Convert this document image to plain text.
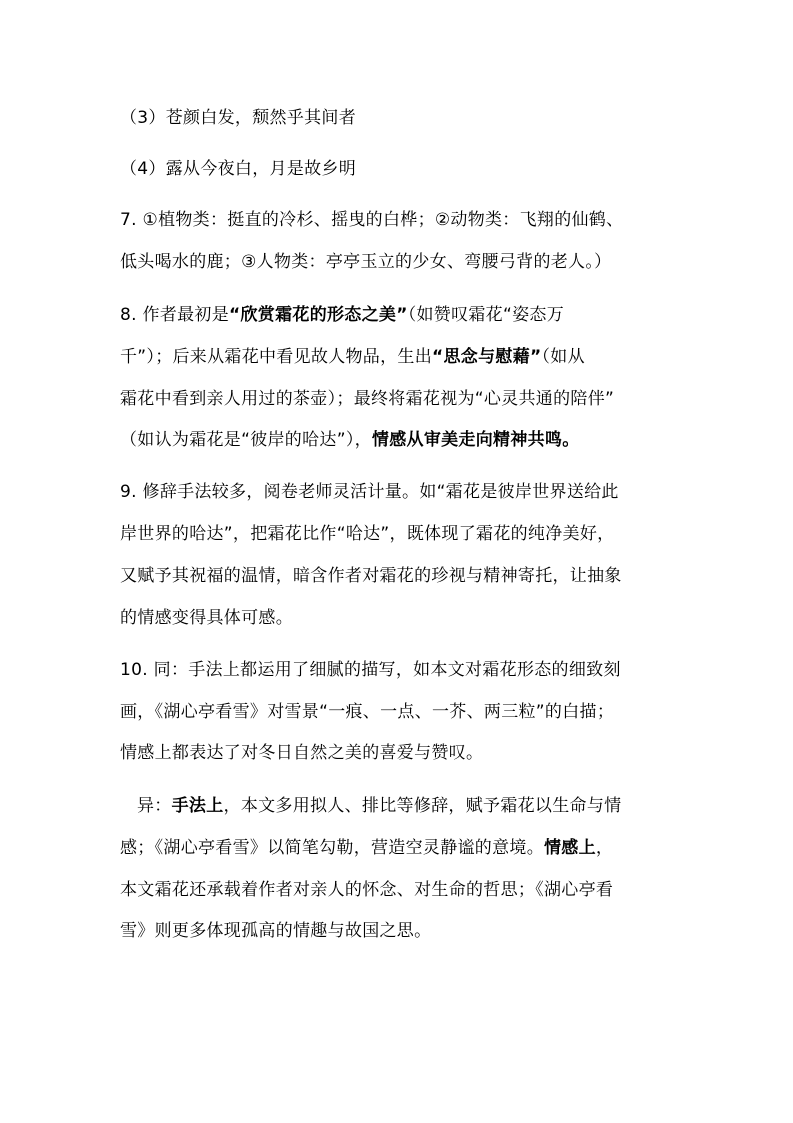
（3）苍颜白发，颓然乎其间者
（4）露从今夜白，月是故乡明
7. ①植物类：挺直的冷杉、摇曳的白桦；②动物类：飞翔的仙鹤、
低头喝水的鹿；③人物类：亭亭玉立的少女、弯腰弓背的老人。）
8. 作者最初是“欣赏霜花的形态之美”（如赞叹霜花“姿态万
千”）；后来从霜花中看见故人物品，生出“思念与慰藉”（如从
霜花中看到亲人用过的茶壶）；最终将霜花视为“心灵共通的陪伴”
（如认为霜花是“彼岸的哈达”），情感从审美走向精神共鸣。
9. 修辞手法较多，阅卷老师灵活计量。如“霜花是彼岸世界送给此
岸世界的哈达”，把霜花比作“哈达”，既体现了霜花的纯净美好，
又赋予其祝福的温情，暗含作者对霜花的珍视与精神寄托，让抽象
的情感变得具体可感。
10. 同：手法上都运用了细腻的描写，如本文对霜花形态的细致刻
画，《湖心亭看雪》对雪景“一痕、一点、一芥、两三粒”的白描；
情感上都表达了对冬日自然之美的喜爱与赞叹。
异：手法上，本文多用拟人、排比等修辞，赋予霜花以生命与情
感；《湖心亭看雪》以简笔勾勒，营造空灵静谧的意境。情感上，
本文霜花还承载着作者对亲人的怀念、对生命的哲思；《湖心亭看
雪》则更多体现孤高的情趣与故国之思。
